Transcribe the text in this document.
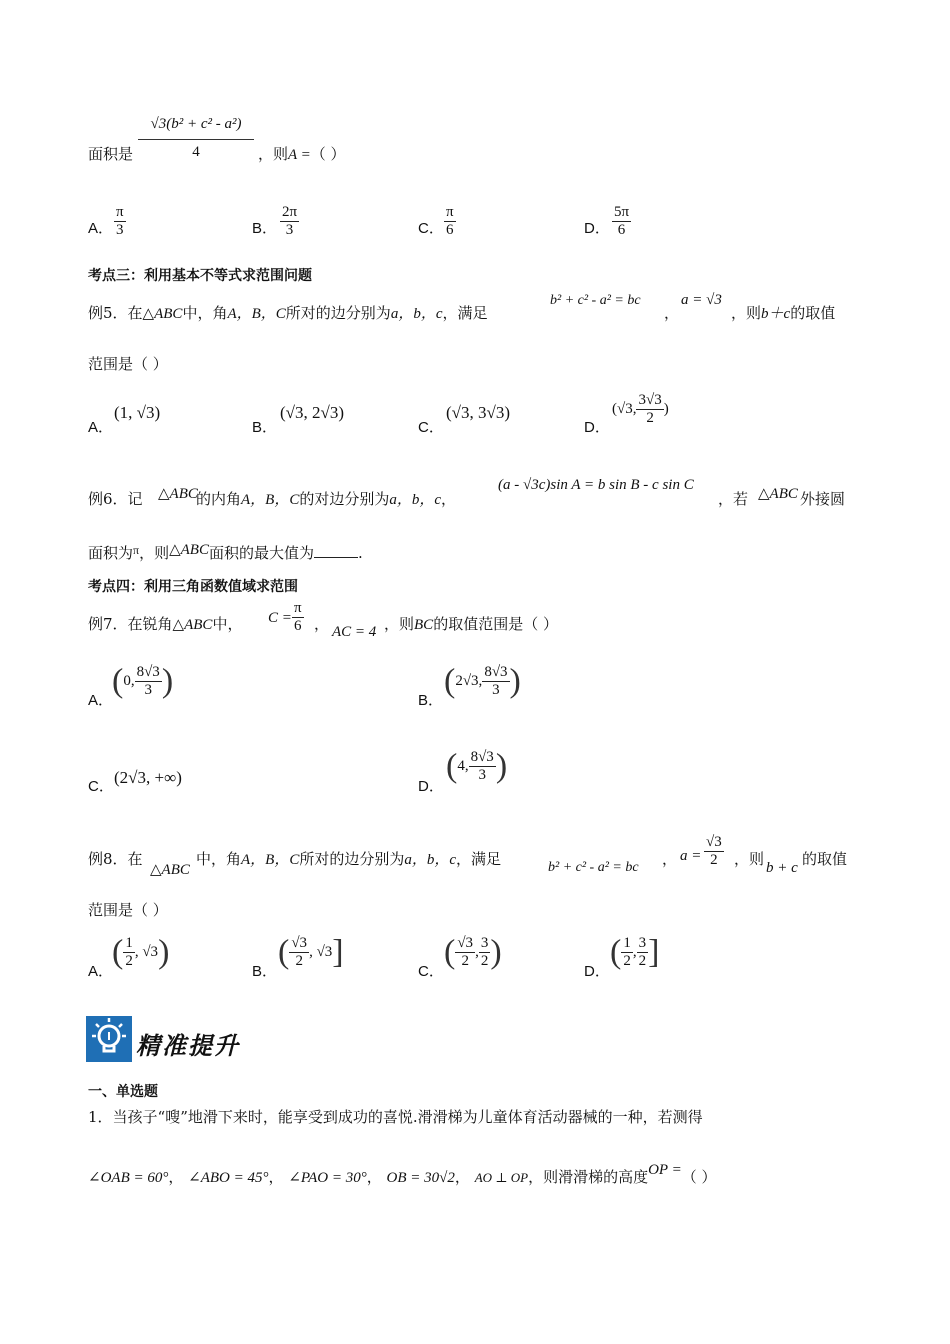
面积是 $\frac{\text{√3(b² + c² - a²)}}{4}$ ，则A =（ ）
A． $\frac{\pi}{3}$	B． $\frac{2\pi}{3}$	C． $\frac{\pi}{6}$	D． $\frac{5\pi}{6}$
考点三：利用基本不等式求范围问题
例5．在△ABC中，角A，B，C所对的边分别为a，b，c，满足
b² + c² - a² = bc
，
a = √3
，则b＋c的取值
范围是（ ）
A．
(1, √3)
B．
(√3, 2√3)
C．
(√3, 3√3)
D．
(√3, $\frac{3√3}{2}$ )
例6．记 △ABC
的内角A，B，C的对边分别为a，b，c，
(a - √3c)sin A = b sin B - c sin C
，若 △ABC 外接圆
面积为$^\pi$，则△ABC面积的最大值为	.
考点四：利用三角函数值域求范围
例7．在锐角△ABC中， $C = \frac{\pi}{6}$ ， AC = 4 ，则BC的取值范围是（ ）
A．
(0, $\frac{8√3}{3}$ )
B．
(2√3, $\frac{8√3}{3}$ )
C． (2√3, +∞)	D．
(4, $\frac{8√3}{3}$ )
例8．在
△ABC
中，角A，B，C所对的边分别为a，b，c，满足	b² + c² - a² = bc ， $a = \frac{√3}{2}$ ，则 b + c 的取值
范围是（ ）
A．
( $\frac{1}{2}$ , √3)
B．
( $\frac{√3}{2}$ , √3]
C．
( $\frac{√3}{2}$ , $\frac{3}{2}$ )
D．
( $\frac{1}{2}$ , $\frac{3}{2}$ ]
精准提升
一、单选题
1．当孩子“嗖”地滑下来时，能享受到成功的喜悦.滑滑梯为儿童体育活动器械的一种，若测得
∠OAB = 60°， ∠ABO = 45°， ∠PAO = 30°， OB = 30√2， AO ⊥ OP，则滑滑梯的高度OP =（ ）
